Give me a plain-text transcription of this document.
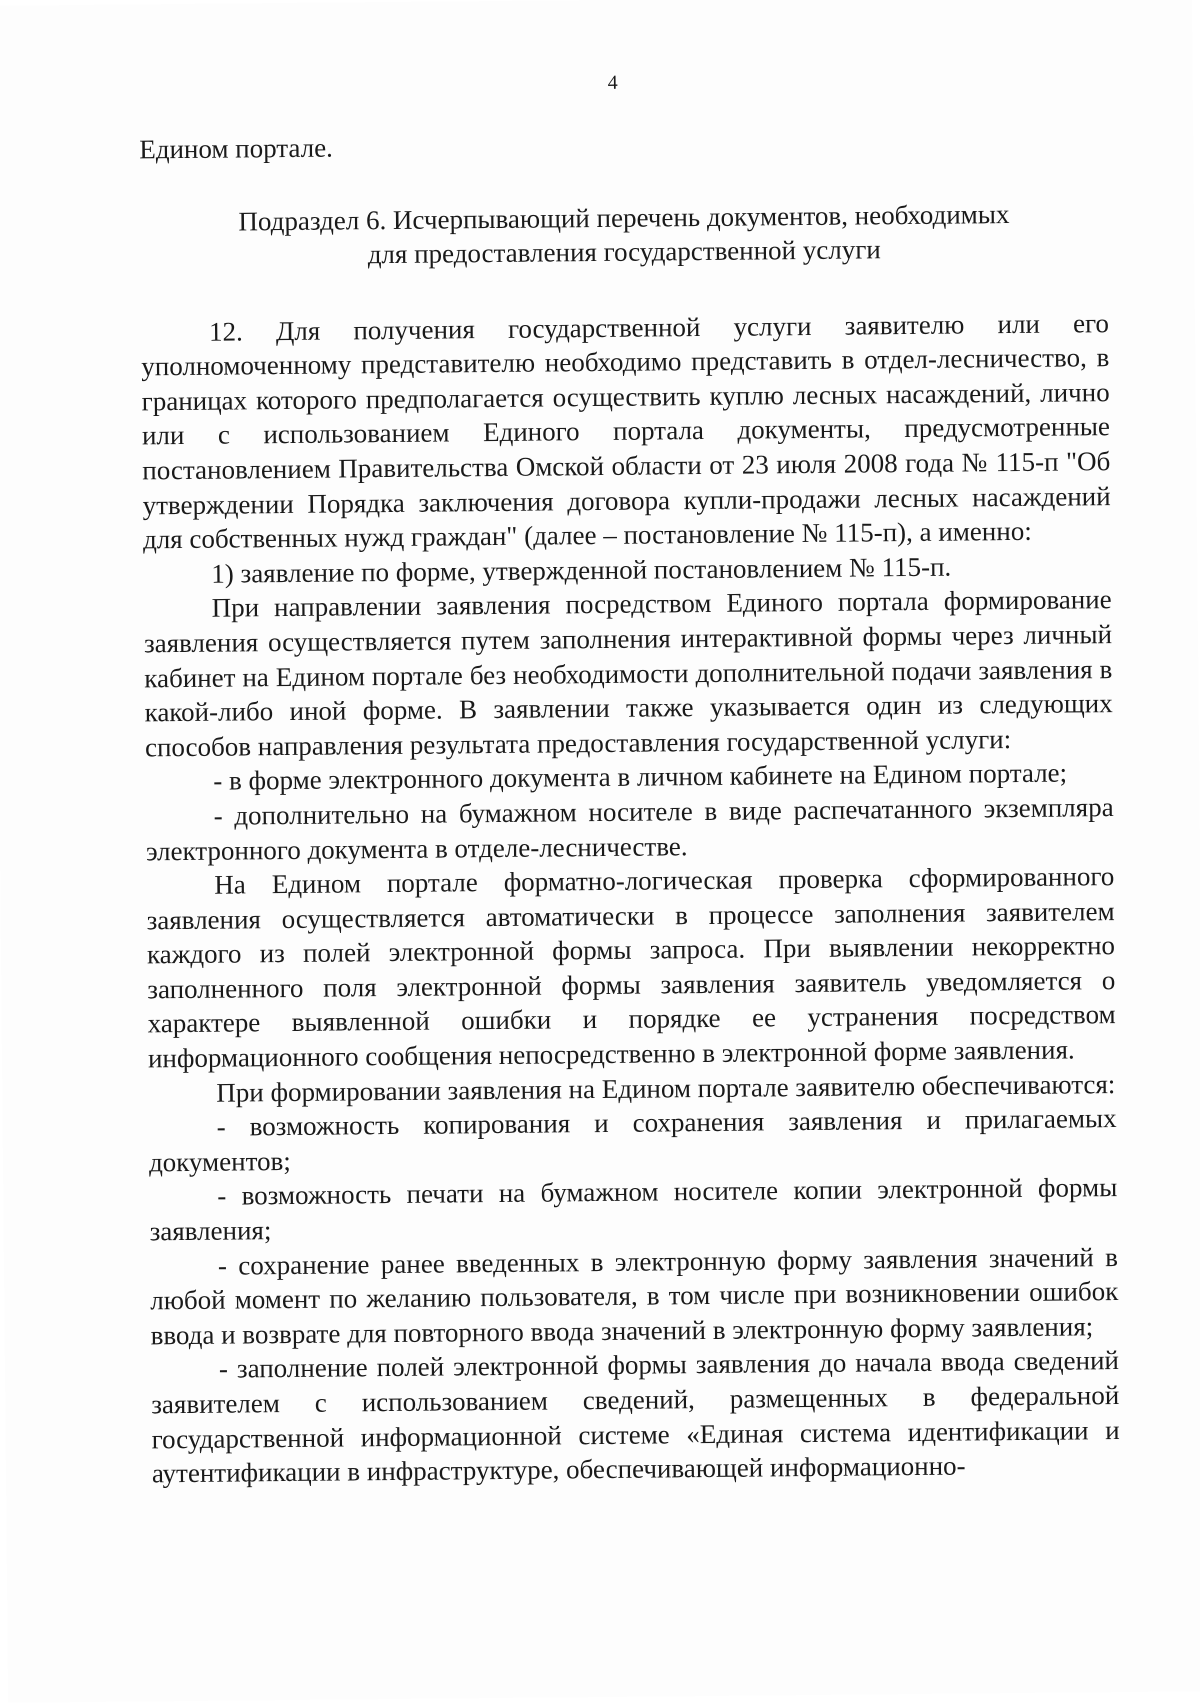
4

Едином портале.

Подраздел 6. Исчерпывающий перечень документов, необходимых
для предоставления государственной услуги

12. Для получения государственной услуги заявителю или его уполномоченному представителю необходимо представить в отдел-лесничество, в границах которого предполагается осуществить куплю лесных насаждений, лично или с использованием Единого портала документы, предусмотренные постановлением Правительства Омской области от 23 июля 2008 года № 115-п "Об утверждении Порядка заключения договора купли-продажи лесных насаждений для собственных нужд граждан" (далее – постановление № 115-п), а именно:

1) заявление по форме, утвержденной постановлением № 115-п.

При направлении заявления посредством Единого портала формирование заявления осуществляется путем заполнения интерактивной формы через личный кабинет на Едином портале без необходимости дополнительной подачи заявления в какой-либо иной форме. В заявлении также указывается один из следующих способов направления результата предоставления государственной услуги:

- в форме электронного документа в личном кабинете на Едином портале;

- дополнительно на бумажном носителе в виде распечатанного экземпляра электронного документа в отделе-лесничестве.

На Едином портале форматно-логическая проверка сформированного заявления осуществляется автоматически в процессе заполнения заявителем каждого из полей электронной формы запроса. При выявлении некорректно заполненного поля электронной формы заявления заявитель уведомляется о характере выявленной ошибки и порядке ее устранения посредством информационного сообщения непосредственно в электронной форме заявления.

При формировании заявления на Едином портале заявителю обеспечиваются:

- возможность копирования и сохранения заявления и прилагаемых документов;

- возможность печати на бумажном носителе копии электронной формы заявления;

- сохранение ранее введенных в электронную форму заявления значений в любой момент по желанию пользователя, в том числе при возникновении ошибок ввода и возврате для повторного ввода значений в электронную форму заявления;

- заполнение полей электронной формы заявления до начала ввода сведений заявителем с использованием сведений, размещенных в федеральной государственной информационной системе «Единая система идентификации и аутентификации в инфраструктуре, обеспечивающей информационно-
